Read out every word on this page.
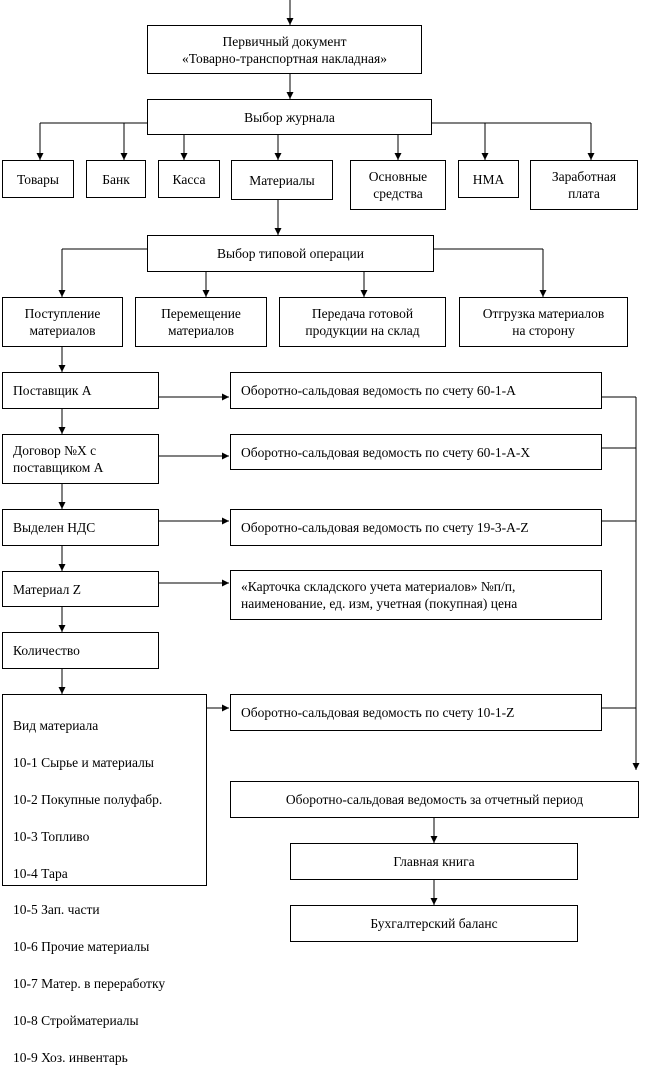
Первичный документ
«Товарно-транспортная накладная»
Выбор журнала
Товары	Банк	Касса	Материалы	Основные
средства
НМА	Заработная
плата
Выбор типовой операции
Поступление
материалов
Перемещение
материалов
Передача готовой
продукции на склад
Отгрузка материалов
на сторону
Поставщик А
Договор №X с
поставщиком А
Выделен НДС
Материал Z
Количество

Вид материала

10-1 Сырье и материалы

10-2 Покупные полуфабр.

10-3 Топливо

10-4 Тара

10-5 Зап. части

10-6 Прочие материалы

10-7 Матер. в переработку

10-8 Стройматериалы

10-9 Хоз. инвентарь

Оборотно-сальдовая ведомость по счету 60-1-А
Оборотно-сальдовая ведомость по счету 60-1-А-X
Оборотно-сальдовая ведомость по счету 19-3-А-Z
«Карточка складского учета материалов» №п/п,
наименование, ед. изм, учетная (покупная) цена
Оборотно-сальдовая ведомость по счету 10-1-Z
Оборотно-сальдовая ведомость за отчетный период
Главная книга
Бухгалтерский баланс
